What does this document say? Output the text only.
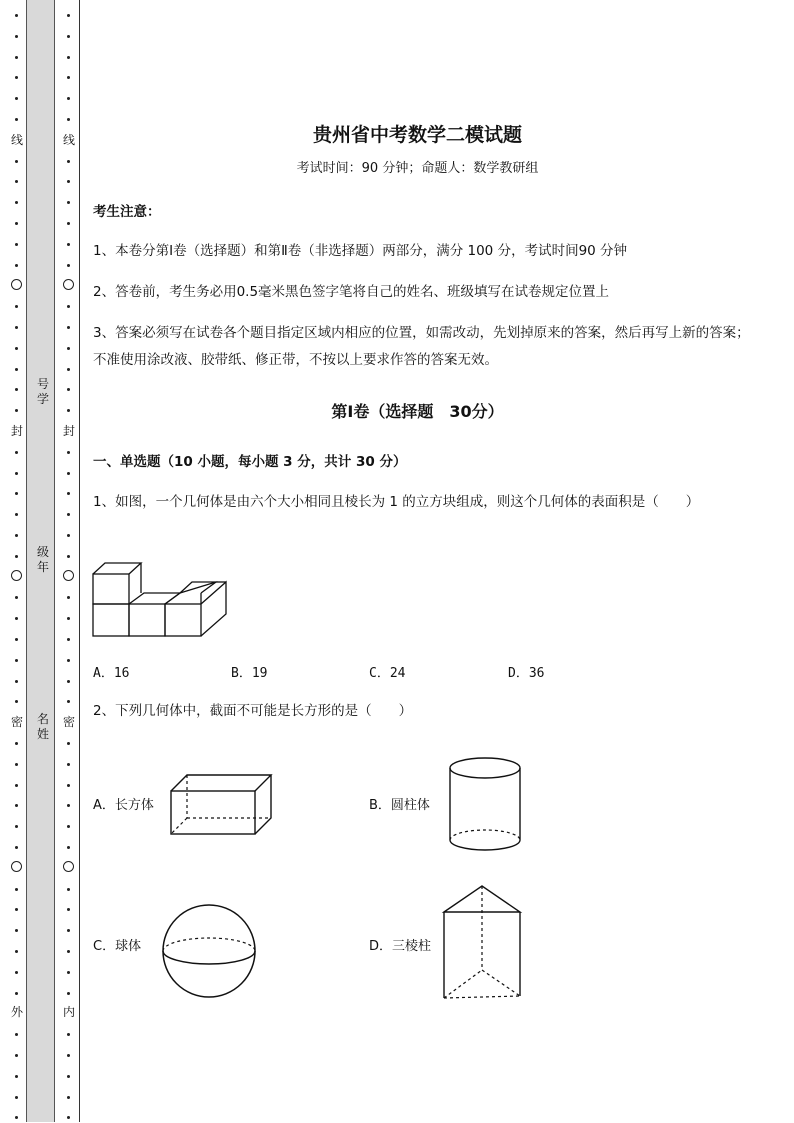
线
封
密
外
线
封
密
内
号学
级年
名姓
贵州省中考数学二模试题
考试时间：90 分钟；命题人：数学教研组
考生注意：
1、本卷分第Ⅰ卷（选择题）和第Ⅱ卷（非选择题）两部分，满分 100 分，考试时间90 分钟
2、答卷前，考生务必用0.5毫米黑色签字笔将自己的姓名、班级填写在试卷规定位置上
3、答案必须写在试卷各个题目指定区域内相应的位置，如需改动，先划掉原来的答案，然后再写上新的答案；不准使用涂改液、胶带纸、修正带，不按以上要求作答的答案无效。
第Ⅰ卷（选择题　30分）
一、单选题（10 小题，每小题 3 分，共计 30 分）
1、如图，一个几何体是由六个大小相同且棱长为 1 的立方块组成，则这个几何体的表面积是（　　）
A．16	B．19	C．24	D．36
2、下列几何体中，截面不可能是长方形的是（　　）
A．长方体	B．圆柱体
C．球体	D．三棱柱
